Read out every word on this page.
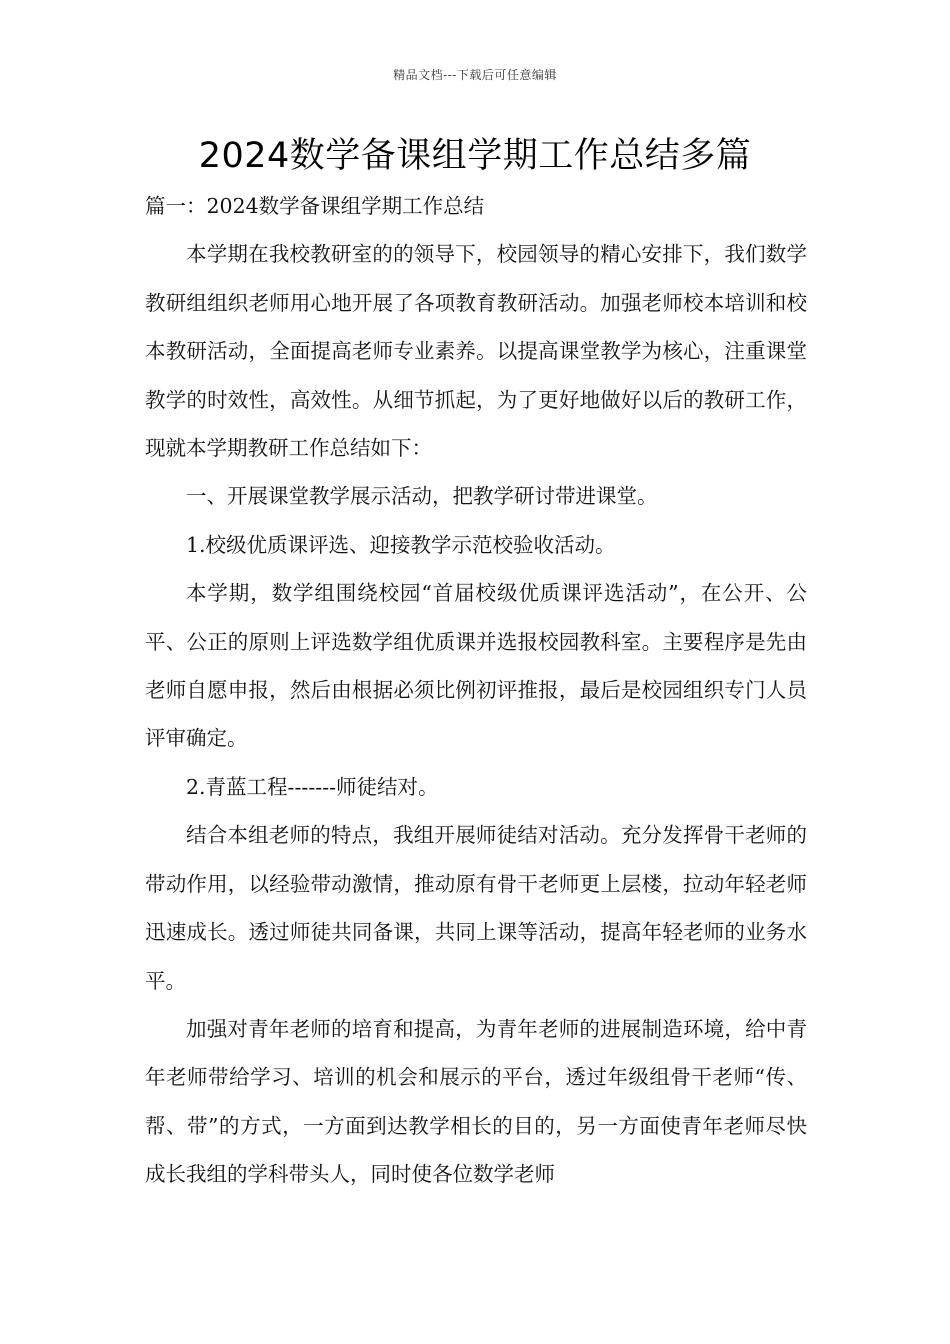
精品文档---下载后可任意编辑
2024数学备课组学期工作总结多篇

篇一：2024数学备课组学期工作总结

本学期在我校教研室的的领导下，校园领导的精心安排下，我们数学教研组组织老师用心地开展了各项教育教研活动。加强老师校本培训和校本教研活动，全面提高老师专业素养。以提高课堂教学为核心，注重课堂教学的时效性，高效性。从细节抓起，为了更好地做好以后的教研工作，现就本学期教研工作总结如下：

一、开展课堂教学展示活动，把教学研讨带进课堂。

1.校级优质课评选、迎接教学示范校验收活动。

本学期，数学组围绕校园“首届校级优质课评选活动”，在公开、公平、公正的原则上评选数学组优质课并选报校园教科室。主要程序是先由老师自愿申报，然后由根据必须比例初评推报，最后是校园组织专门人员评审确定。

2.青蓝工程-------师徒结对。

结合本组老师的特点，我组开展师徒结对活动。充分发挥骨干老师的带动作用，以经验带动激情，推动原有骨干老师更上层楼，拉动年轻老师迅速成长。透过师徒共同备课，共同上课等活动，提高年轻老师的业务水平。

加强对青年老师的培育和提高，为青年老师的进展制造环境，给中青年老师带给学习、培训的机会和展示的平台，透过年级组骨干老师“传、帮、带”的方式，一方面到达教学相长的目的，另一方面使青年老师尽快成长我组的学科带头人，同时使各位数学老师
